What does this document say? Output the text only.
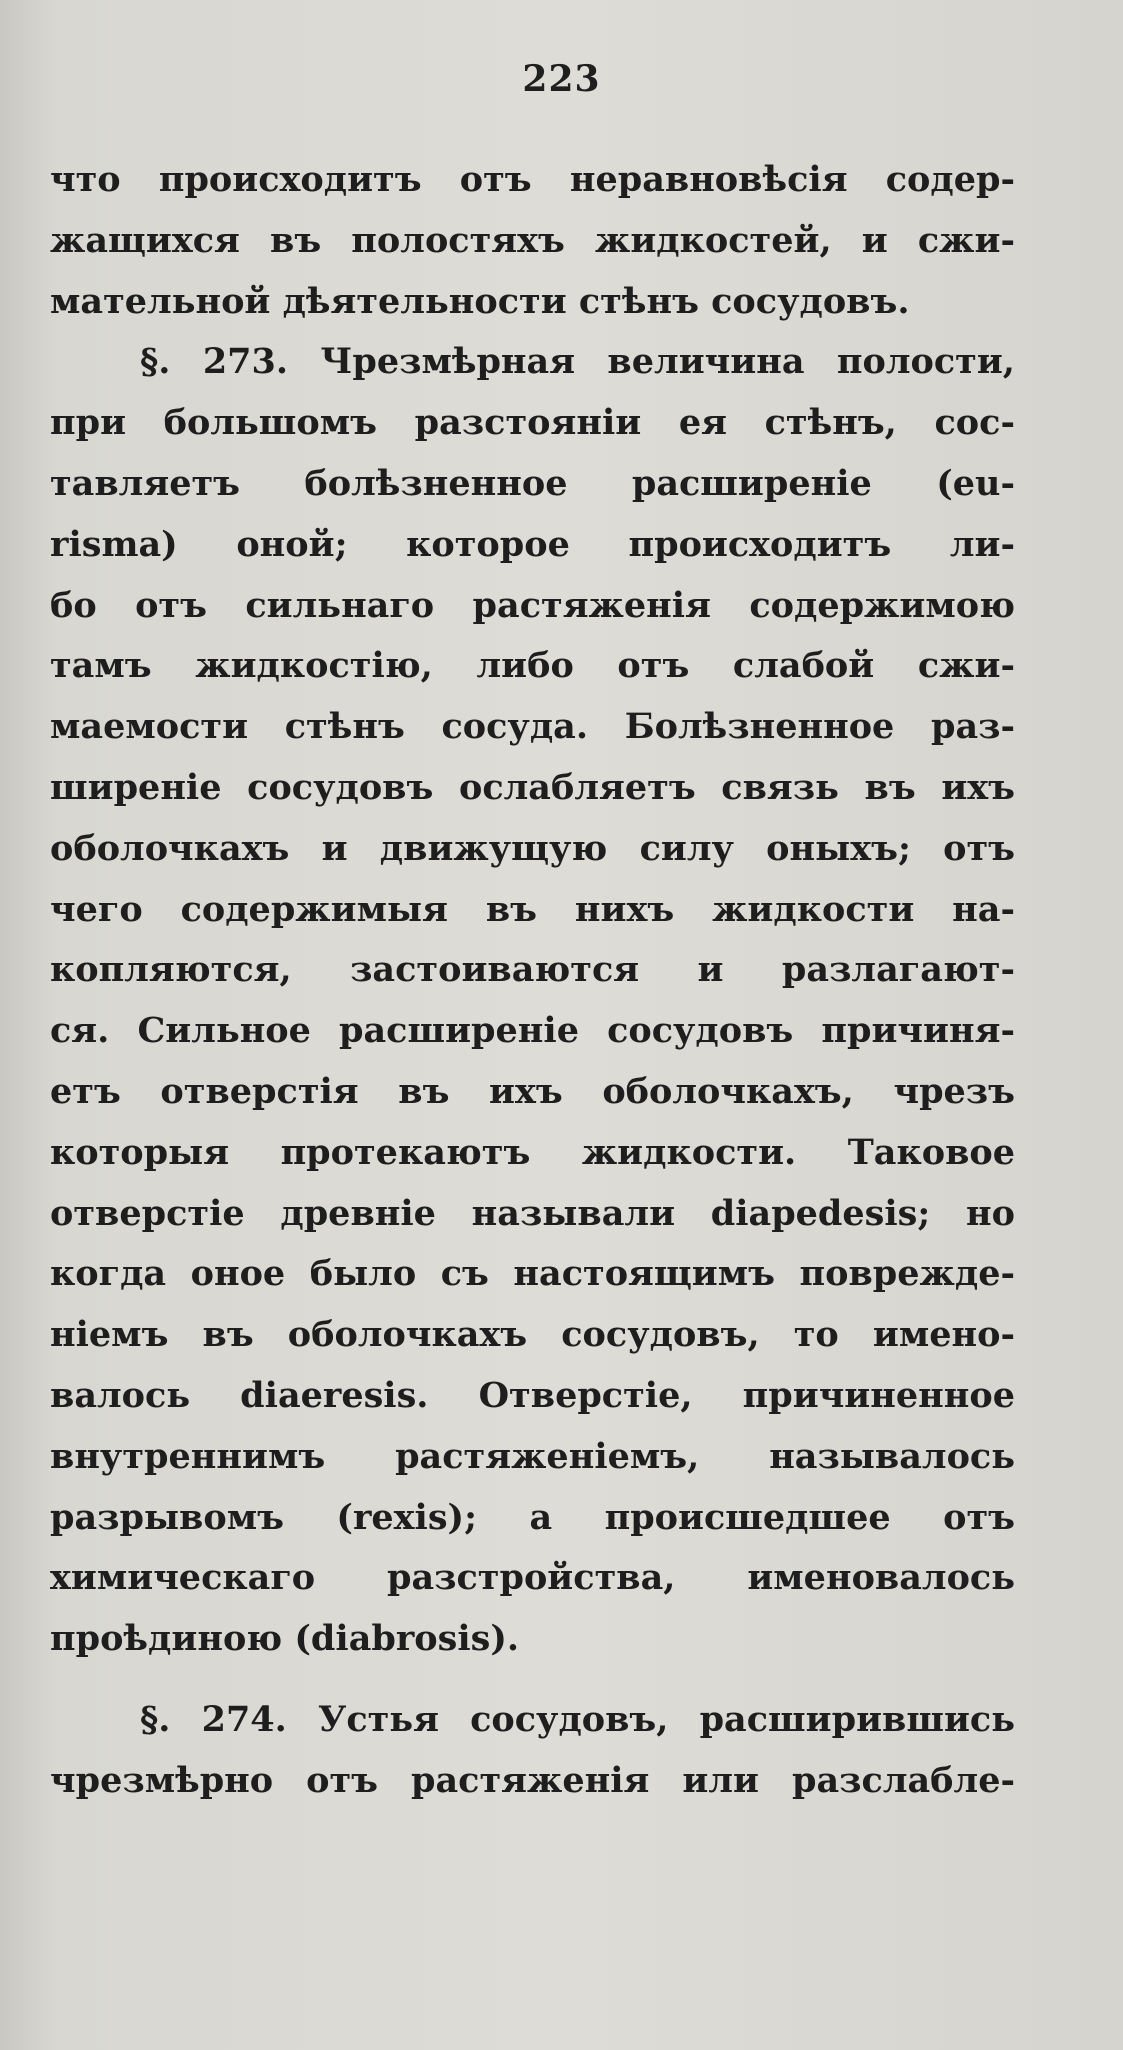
223
что происходитъ отъ неравновѣсія содер-
жащихся въ полостяхъ жидкостей, и сжи-
мательной дѣятельности стѣнъ сосудовъ.
§. 273. Чрезмѣрная величина полости,
при большомъ разстояніи ея стѣнъ, сос-
тавляетъ болѣзненное расширеніе (eu-
risma) оной; которое происходитъ ли-
бо отъ сильнаго растяженія содержимою
тамъ жидкостію, либо отъ слабой сжи-
маемости стѣнъ сосуда. Болѣзненное раз-
ширеніе сосудовъ ослабляетъ связь въ ихъ
оболочкахъ и движущую силу оныхъ; отъ
чего содержимыя въ нихъ жидкости на-
копляются, застоиваются и разлагают-
ся. Сильное расширеніе сосудовъ причиня-
етъ отверстія въ ихъ оболочкахъ, чрезъ
которыя протекаютъ жидкости. Таковое
отверстіе древніе называли diapedesis; но
когда оное было съ настоящимъ поврежде-
ніемъ въ оболочкахъ сосудовъ, то имено-
валось diaeresis. Отверстіе, причиненное
внутреннимъ растяженіемъ, называлось
разрывомъ (rexis); а происшедшее отъ
химическаго разстройства, именовалось
проѣдиною (diabrosis).
§. 274. Устья сосудовъ, расширившись
чрезмѣрно отъ растяженія или разслабле-
